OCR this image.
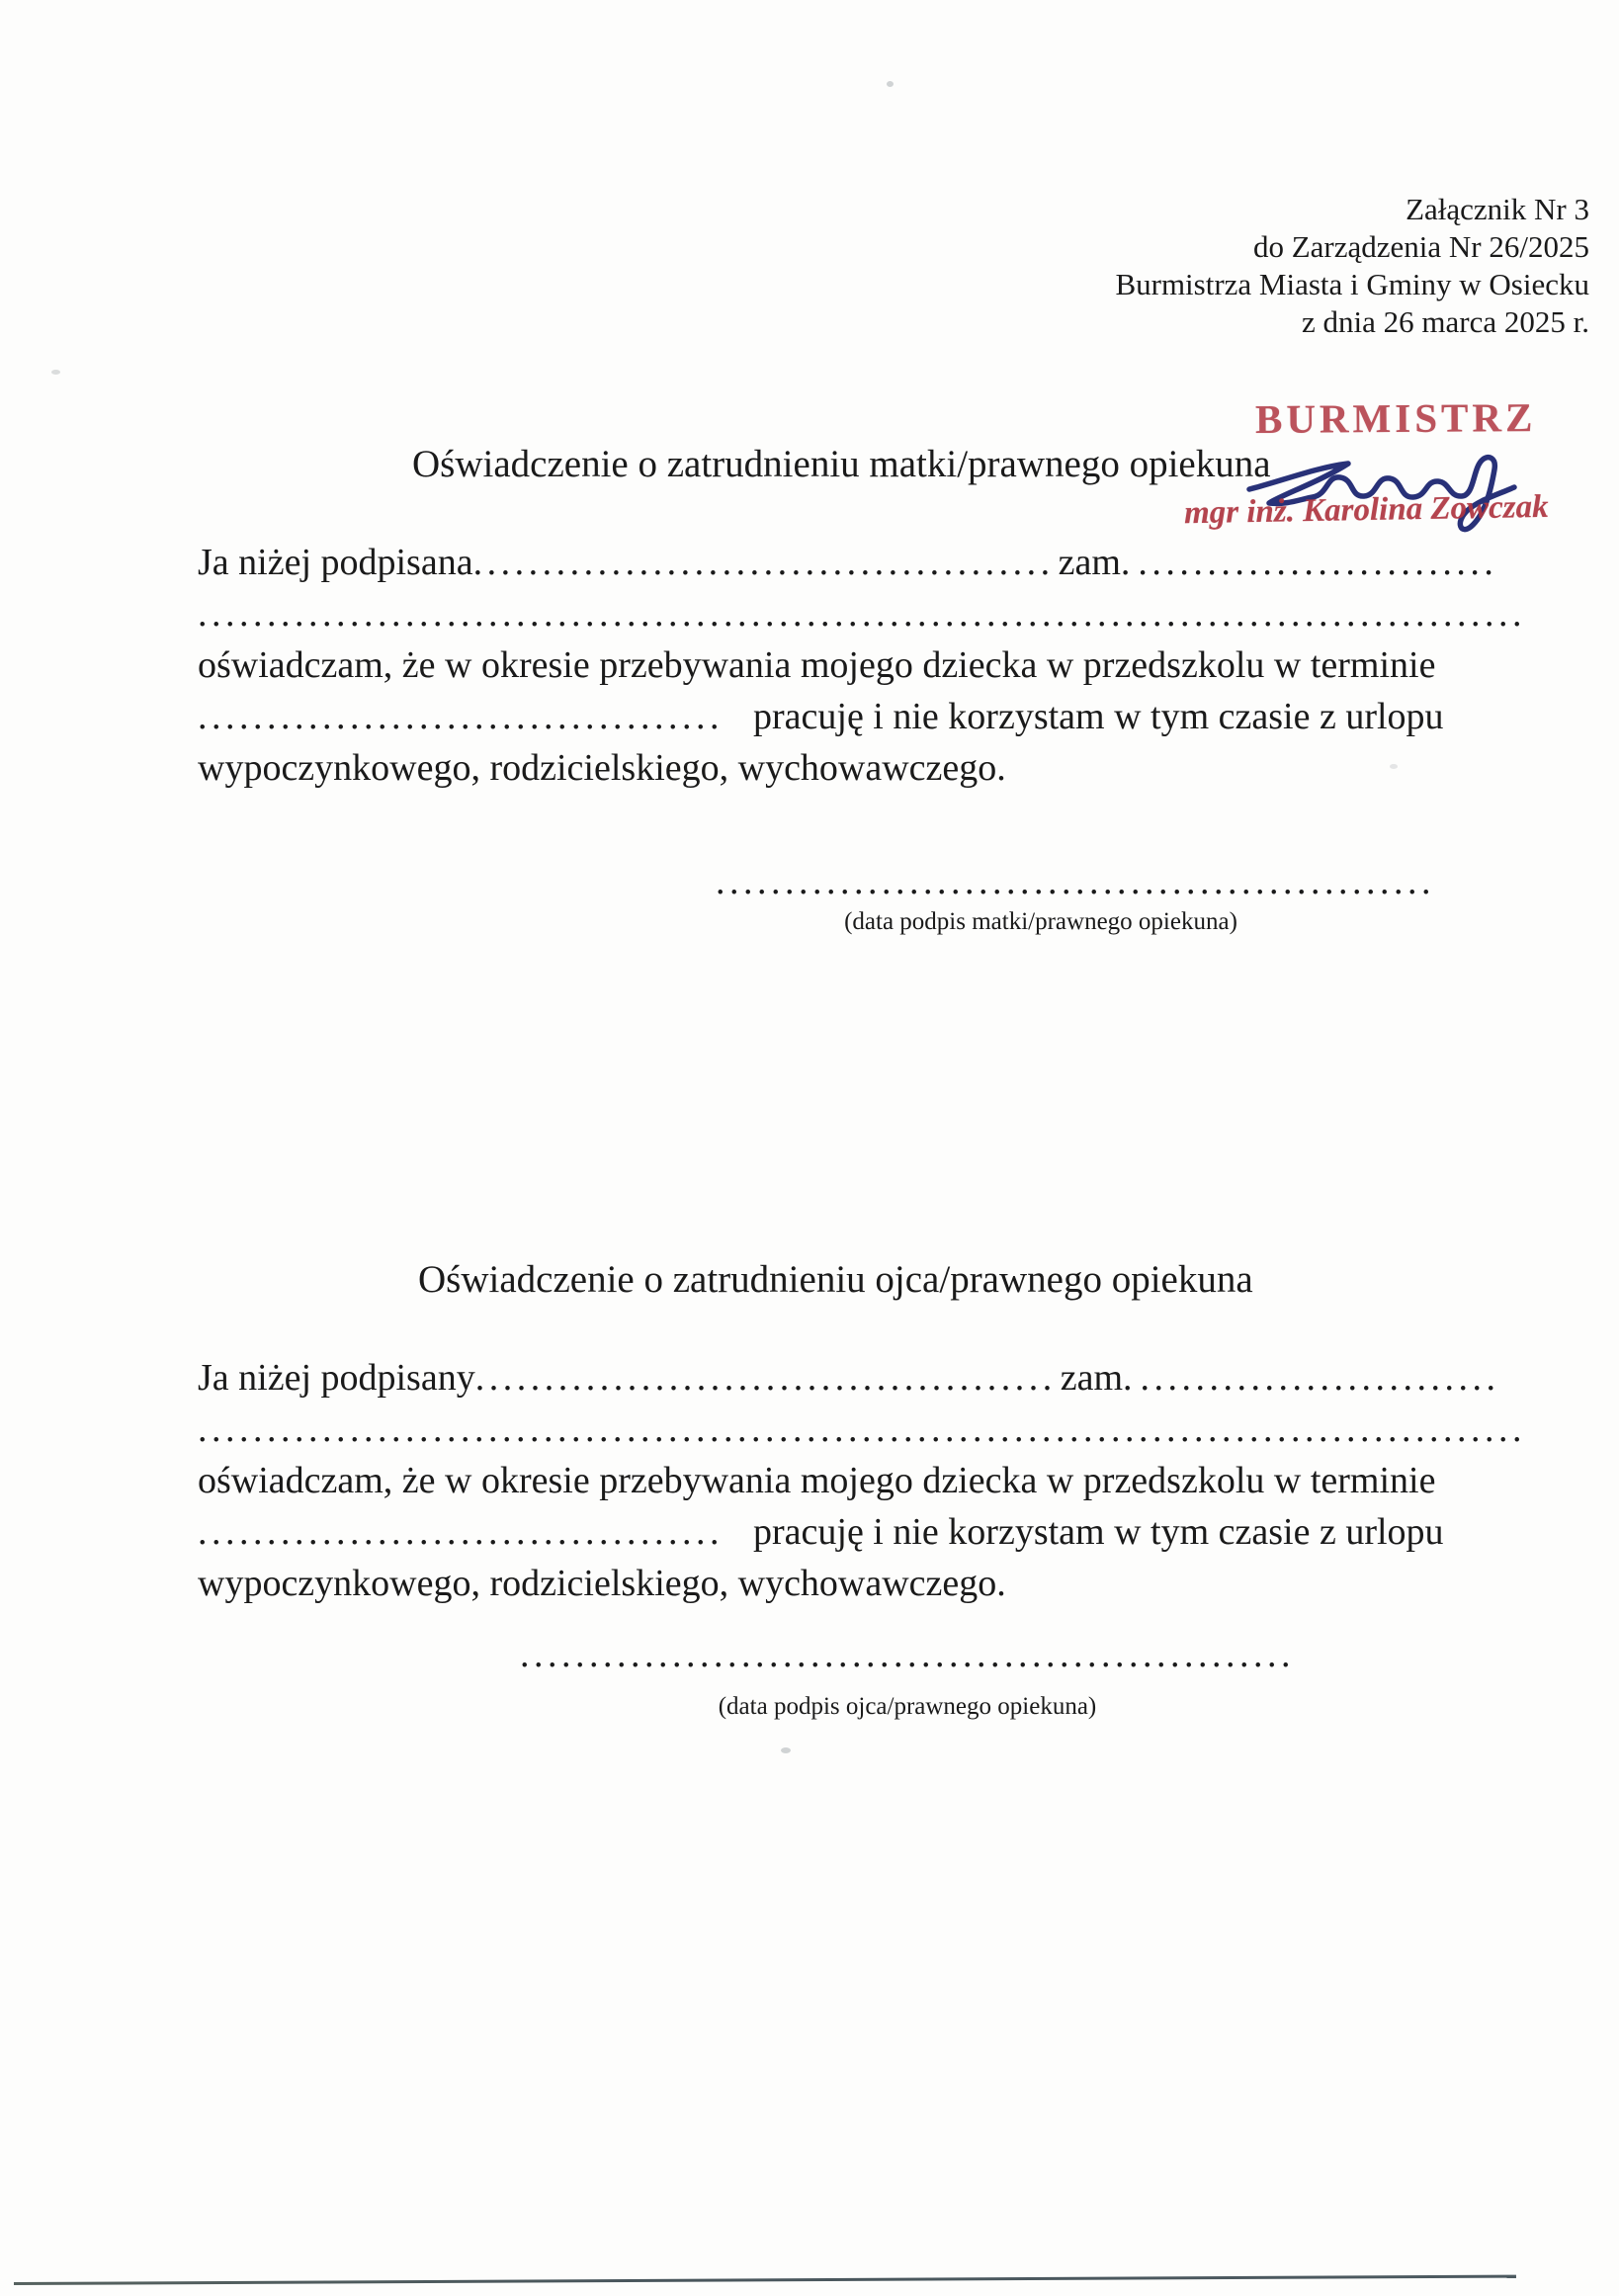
Załącznik Nr 3
do Zarządzenia Nr 26/2025
Burmistrza Miasta i Gminy w Osiecku
z dnia 26 marca 2025 r.
BURMISTRZ
mgr inż. Karolina Zowczak
Oświadczenie o zatrudnieniu matki/prawnego opiekuna
Ja niżej podpisana .......................................... zam. ..........................
................................................................................................
oświadczam, że w okresie przebywania mojego dziecka w przedszkolu w terminie
...................................... pracuję i nie korzystam w tym czasie z urlopu
wypoczynkowego, rodzicielskiego, wychowawczego.
....................................................
(data podpis matki/prawnego opiekuna)
Oświadczenie o zatrudnieniu ojca/prawnego opiekuna
Ja niżej podpisany .......................................... zam. ..........................
................................................................................................
oświadczam, że w okresie przebywania mojego dziecka w przedszkolu w terminie
...................................... pracuję i nie korzystam w tym czasie z urlopu
wypoczynkowego, rodzicielskiego, wychowawczego.
........................................................
(data podpis ojca/prawnego opiekuna)
